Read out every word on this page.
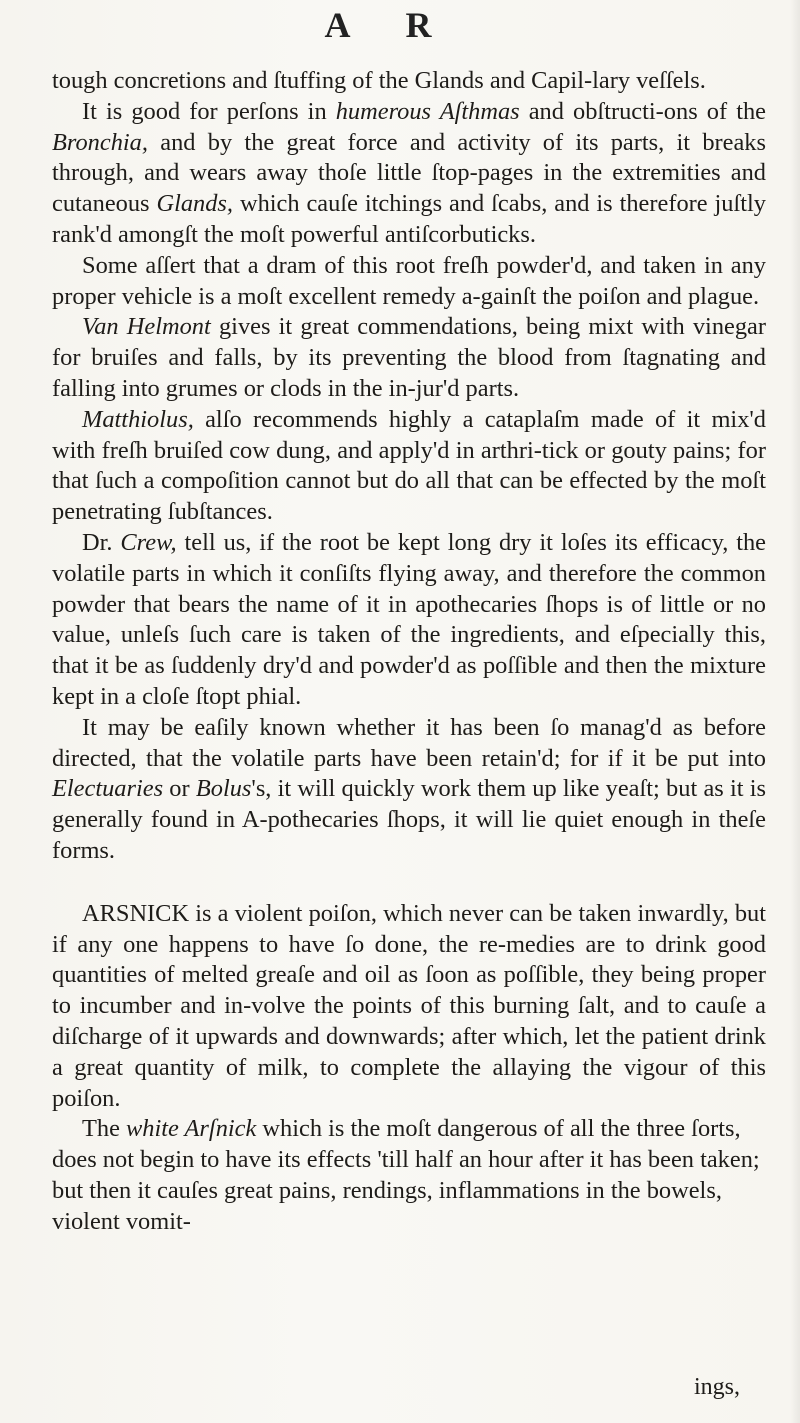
A R

tough concretions and ſtuffing of the Glands and Capil-lary veſſels.

It is good for perſons in humerous Aſthmas and obſtructi-ons of the Bronchia, and by the great force and activity of its parts, it breaks through, and wears away thoſe little ſtop-pages in the extremities and cutaneous Glands, which cauſe itchings and ſcabs, and is therefore juſtly rank'd amongſt the moſt powerful antiſcorbuticks.

Some aſſert that a dram of this root freſh powder'd, and taken in any proper vehicle is a moſt excellent remedy a-gainſt the poiſon and plague.

Van Helmont gives it great commendations, being mixt with vinegar for bruiſes and falls, by its preventing the blood from ſtagnating and falling into grumes or clods in the in-jur'd parts.

Matthiolus, alſo recommends highly a cataplaſm made of it mix'd with freſh bruiſed cow dung, and apply'd in arthri-tick or gouty pains; for that ſuch a compoſition cannot but do all that can be effected by the moſt penetrating ſubſtances.

Dr. Crew, tell us, if the root be kept long dry it loſes its efficacy, the volatile parts in which it conſiſts flying away, and therefore the common powder that bears the name of it in apothecaries ſhops is of little or no value, unleſs ſuch care is taken of the ingredients, and eſpecially this, that it be as ſuddenly dry'd and powder'd as poſſible and then the mixture kept in a cloſe ſtopt phial.

It may be eaſily known whether it has been ſo manag'd as before directed, that the volatile parts have been retain'd; for if it be put into Electuaries or Bolus's, it will quickly work them up like yeaſt; but as it is generally found in A-pothecaries ſhops, it will lie quiet enough in theſe forms.

ARSNICK is a violent poiſon, which never can be taken inwardly, but if any one happens to have ſo done, the re-medies are to drink good quantities of melted greaſe and oil as ſoon as poſſible, they being proper to incumber and in-volve the points of this burning ſalt, and to cauſe a diſcharge of it upwards and downwards; after which, let the patient drink a great quantity of milk, to complete the allaying the vigour of this poiſon.

The white Arſnick which is the moſt dangerous of all the three ſorts, does not begin to have its effects 'till half an hour after it has been taken; but then it cauſes great pains, rendings, inflammations in the bowels, violent vomit-

ings,
